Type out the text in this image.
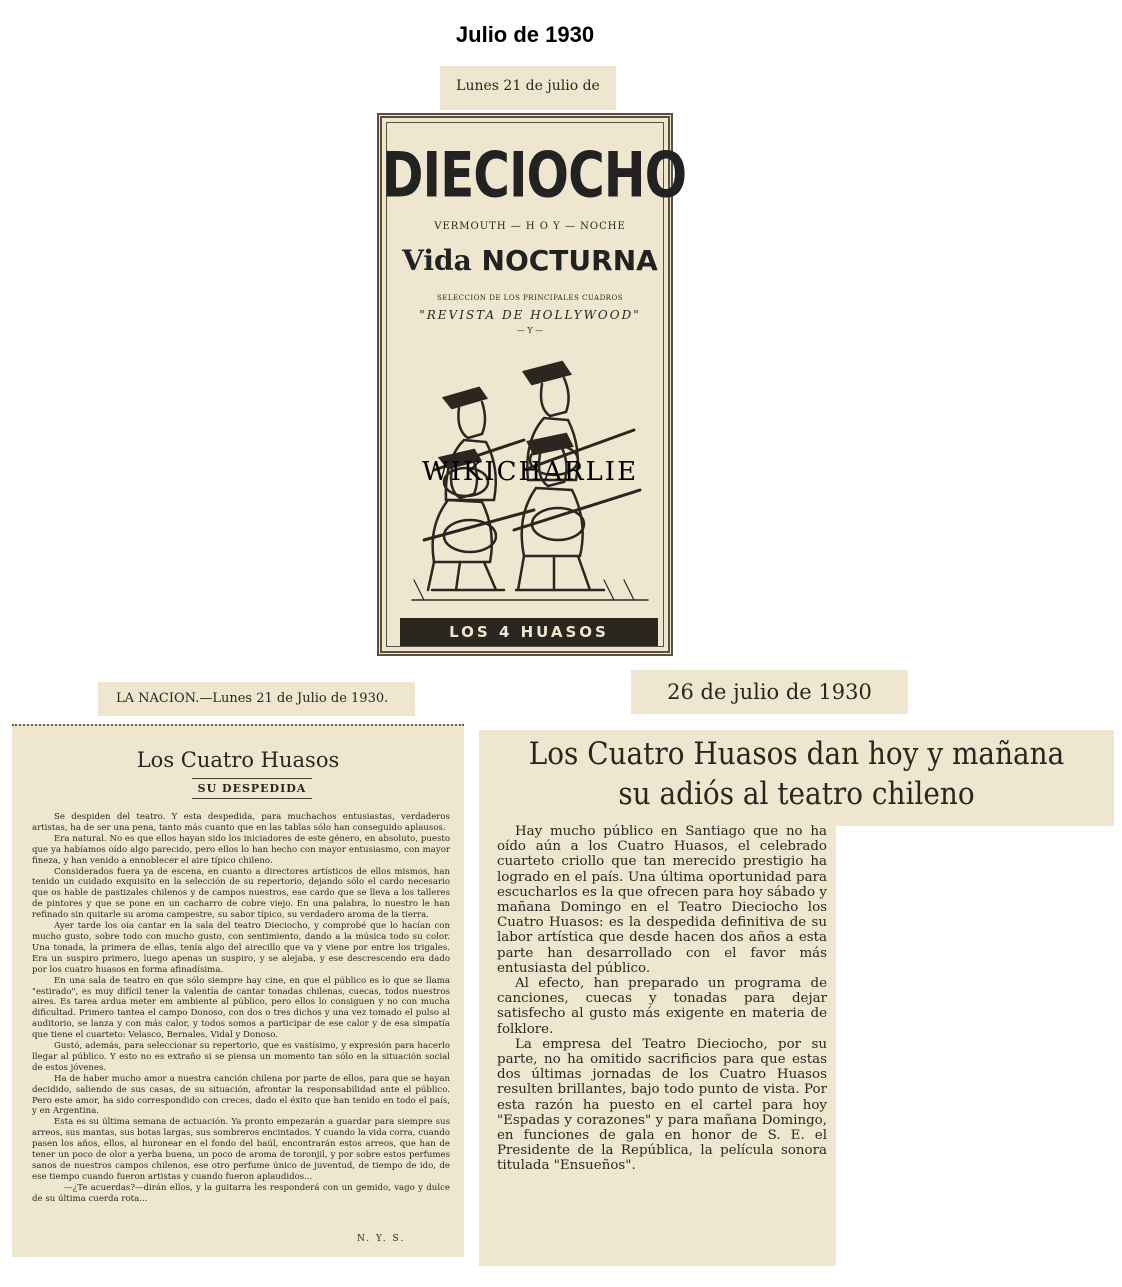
Julio de 1930
Lunes 21 de julio de
DIECIOCHO
VERMOUTH — H O Y — NOCHE
Vida NOCTURNA
SELECCION DE LOS PRINCIPALES CUADROS
"REVISTA DE HOLLYWOOD"
— Y —
WIKICHARLIE
LOS 4 HUASOS
LA NACION.—Lunes 21 de Julio de 1930.
Los Cuatro Huasos
SU DESPEDIDA

Se despiden del teatro. Y esta despedida, para muchachos entusiastas, verdaderos artistas, ha de ser una pena, tanto más cuanto que en las tablas sólo han conseguido aplausos.

Era natural. No es que ellos hayan sido los iniciadores de este género, en absoluto, puesto que ya habíamos oído algo parecido, pero ellos lo han hecho con mayor entusiasmo, con mayor fineza, y han venido a ennoblecer el aire típico chileno.

Considerados fuera ya de escena, en cuanto a directores artísticos de ellos mismos, han tenido un cuidado exquisito en la selección de su repertorio, dejando sólo el cardo necesario que os hable de pastizales chilenos y de campos nuestros, ese cardo que se lleva a los talleres de pintores y que se pone en un cacharro de cobre viejo. En una palabra, lo nuestro le han refinado sin quitarle su aroma campestre, su sabor típico, su verdadero aroma de la tierra.

Ayer tarde los oía cantar en la sala del teatro Dieciocho, y comprobé que lo hacían con mucho gusto, sobre todo con mucho gusto, con sentimiento, dando a la música todo su color. Una tonada, la primera de ellas, tenía algo del airecillo que va y viene por entre los trigales. Era un suspiro primero, luego apenas un suspiro, y se alejaba, y ese descrescendo era dado por los cuatro huasos en forma afinadísima.

En una sala de teatro en que sólo siempre hay cine, en que el público es lo que se llama "estirado", es muy difícil tener la valentía de cantar tonadas chilenas, cuecas, todos nuestros aires. Es tarea ardua meter em ambiente al público, pero ellos lo consiguen y no con mucha dificultad. Primero tantea el campo Donoso, con dos o tres dichos y una vez tomado el pulso al auditorio, se lanza y con más calor, y todos somos a participar de ese calor y de esa simpatía que tiene el cuarteto: Velasco, Bernales, Vidal y Donoso.

Gustó, además, para seleccionar su repertorio, que es vastísimo, y expresión para hacerlo llegar al público. Y esto no es extraño si se piensa un momento tan sólo en la situación social de estos jóvenes.

Ha de haber mucho amor a nuestra canción chilena por parte de ellos, para que se hayan decidido, saliendo de sus casas, de su situación, afrontar la responsabilidad ante el público. Pero este amor, ha sido correspondido con creces, dado el éxito que han tenido en todo el país, y en Argentina.

Esta es su última semana de actuación. Ya pronto empezarán a guardar para siempre sus arreos, sus mantas, sus botas largas, sus sombreros encintados. Y cuando la vida corra, cuando pasen los años, ellos, al huronear en el fondo del baúl, encontrarán estos arreos, que han de tener un poco de olor a yerba buena, un poco de aroma de toronjil, y por sobre estos perfumes sanos de nuestros campos chilenos, ese otro perfume único de juventud, de tiempo de ido, de ese tiempo cuando fueron artistas y cuando fueron aplaudidos...

—¿Te acuerdas?—dirán ellos, y la guitarra les responderá con un gemido, vago y dulce de su última cuerda rota...

N. Y. S.
26 de julio de 1930
Los Cuatro Huasos dan hoy y mañana
su adiós al teatro chileno

Hay mucho público en Santiago que no ha oído aún a los Cuatro Huasos, el celebrado cuarteto criollo que tan merecido prestigio ha logrado en el país. Una última oportunidad para escucharlos es la que ofrecen para hoy sábado y mañana Domingo en el Teatro Dieciocho los Cuatro Huasos: es la despedida definitiva de su labor artística que desde hacen dos años a esta parte han desarrollado con el favor más entusiasta del público.

Al efecto, han preparado un programa de canciones, cuecas y tonadas para dejar satisfecho al gusto más exigente en materia de folklore.

La empresa del Teatro Dieciocho, por su parte, no ha omitido sacrificios para que estas dos últimas jornadas de los Cuatro Huasos resulten brillantes, bajo todo punto de vista. Por esta razón ha puesto en el cartel para hoy "Espadas y corazones" y para mañana Domingo, en funciones de gala en honor de S. E. el Presidente de la República, la película sonora titulada "Ensueños".
